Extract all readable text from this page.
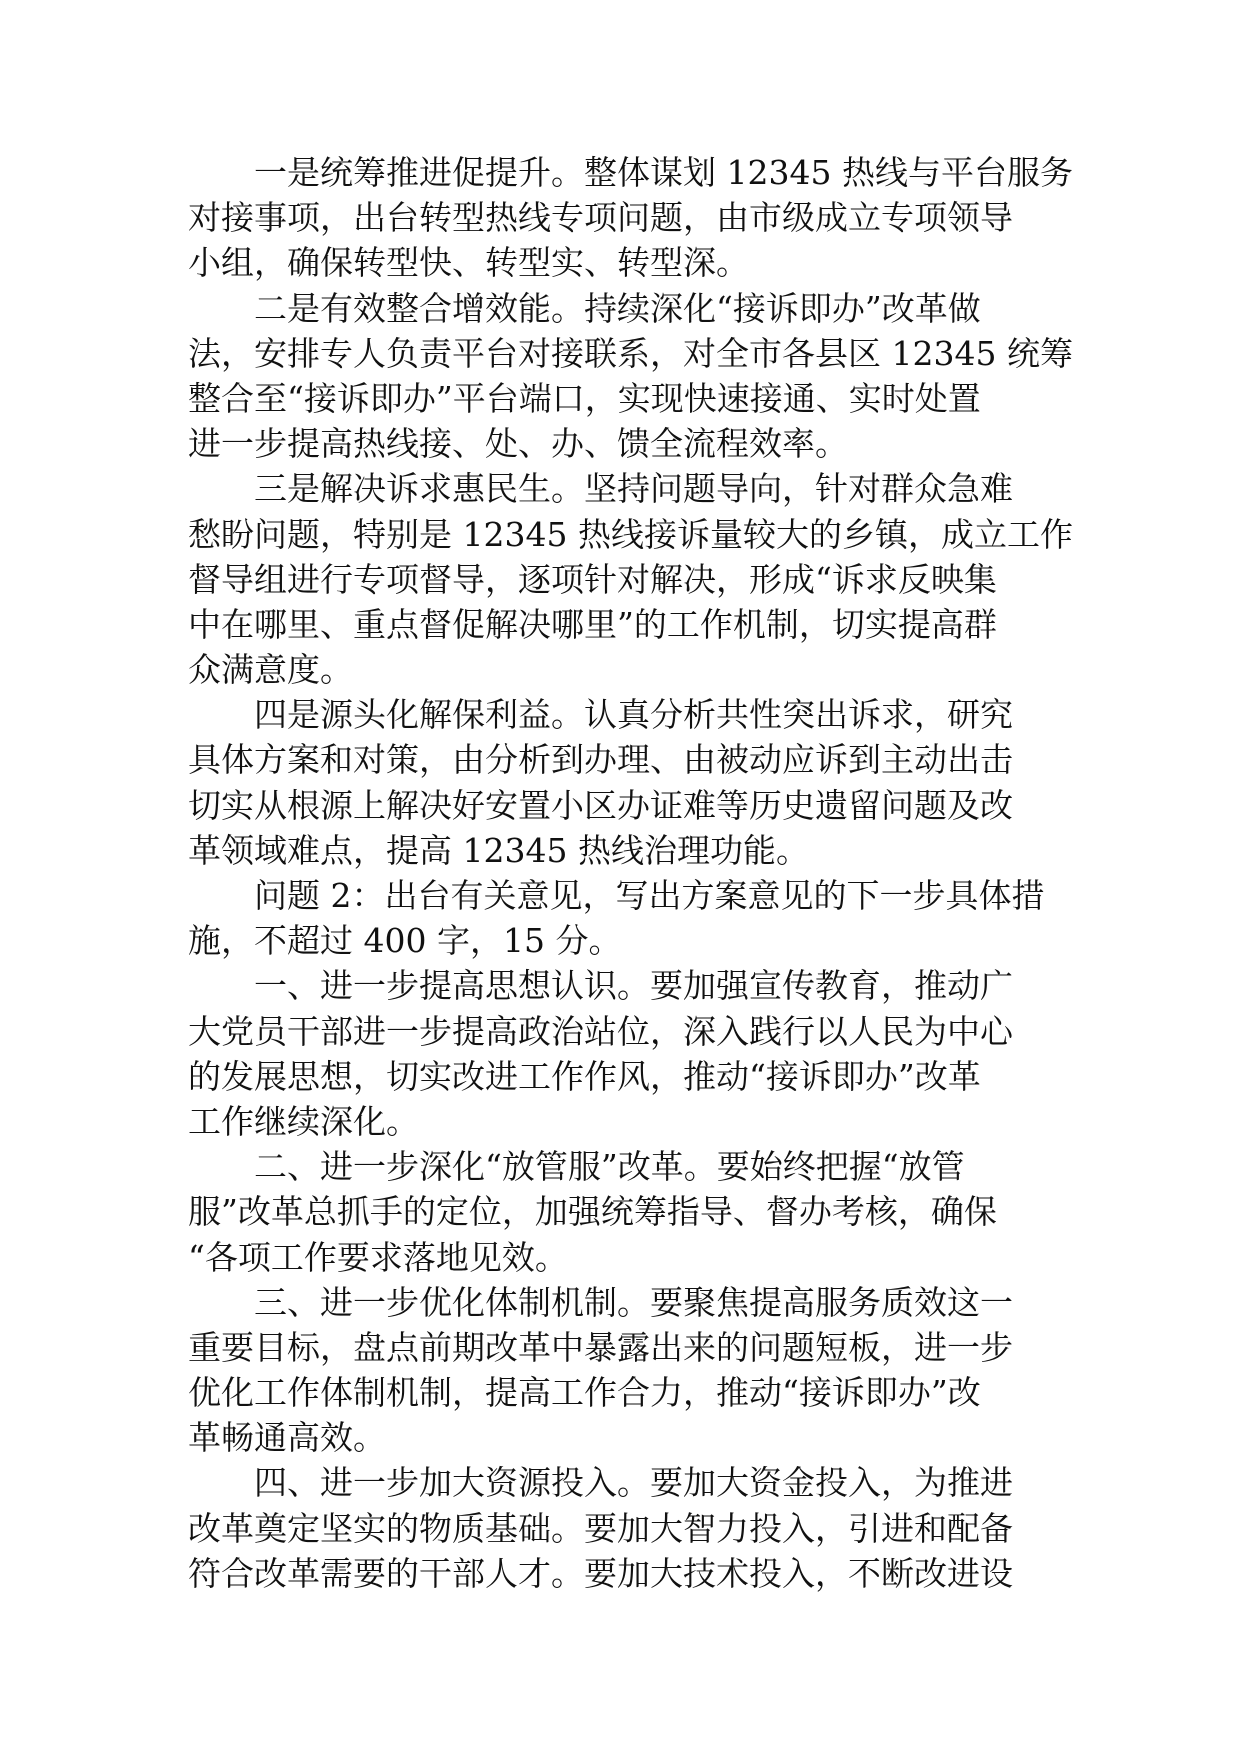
一是统筹推进促提升。整体谋划 12345 热线与平台服务
对接事项，出台转型热线专项问题，由市级成立专项领导
小组，确保转型快、转型实、转型深。
二是有效整合增效能。持续深化“接诉即办”改革做
法，安排专人负责平台对接联系，对全市各县区 12345 统筹
整合至“接诉即办”平台端口，实现快速接通、实时处置
进一步提高热线接、处、办、馈全流程效率。
三是解决诉求惠民生。坚持问题导向，针对群众急难
愁盼问题，特别是 12345 热线接诉量较大的乡镇，成立工作
督导组进行专项督导，逐项针对解决，形成“诉求反映集
中在哪里、重点督促解决哪里”的工作机制，切实提高群
众满意度。
四是源头化解保利益。认真分析共性突出诉求，研究
具体方案和对策，由分析到办理、由被动应诉到主动出击
切实从根源上解决好安置小区办证难等历史遗留问题及改
革领域难点，提高 12345 热线治理功能。
问题 2：出台有关意见，写出方案意见的下一步具体措
施，不超过 400 字，15 分。
一、进一步提高思想认识。要加强宣传教育，推动广
大党员干部进一步提高政治站位，深入践行以人民为中心
的发展思想，切实改进工作作风，推动“接诉即办”改革
工作继续深化。
二、进一步深化“放管服”改革。要始终把握“放管
服”改革总抓手的定位，加强统筹指导、督办考核，确保
“各项工作要求落地见效。
三、进一步优化体制机制。要聚焦提高服务质效这一
重要目标，盘点前期改革中暴露出来的问题短板，进一步
优化工作体制机制，提高工作合力，推动“接诉即办”改
革畅通高效。
四、进一步加大资源投入。要加大资金投入，为推进
改革奠定坚实的物质基础。要加大智力投入，引进和配备
符合改革需要的干部人才。要加大技术投入，不断改进设
